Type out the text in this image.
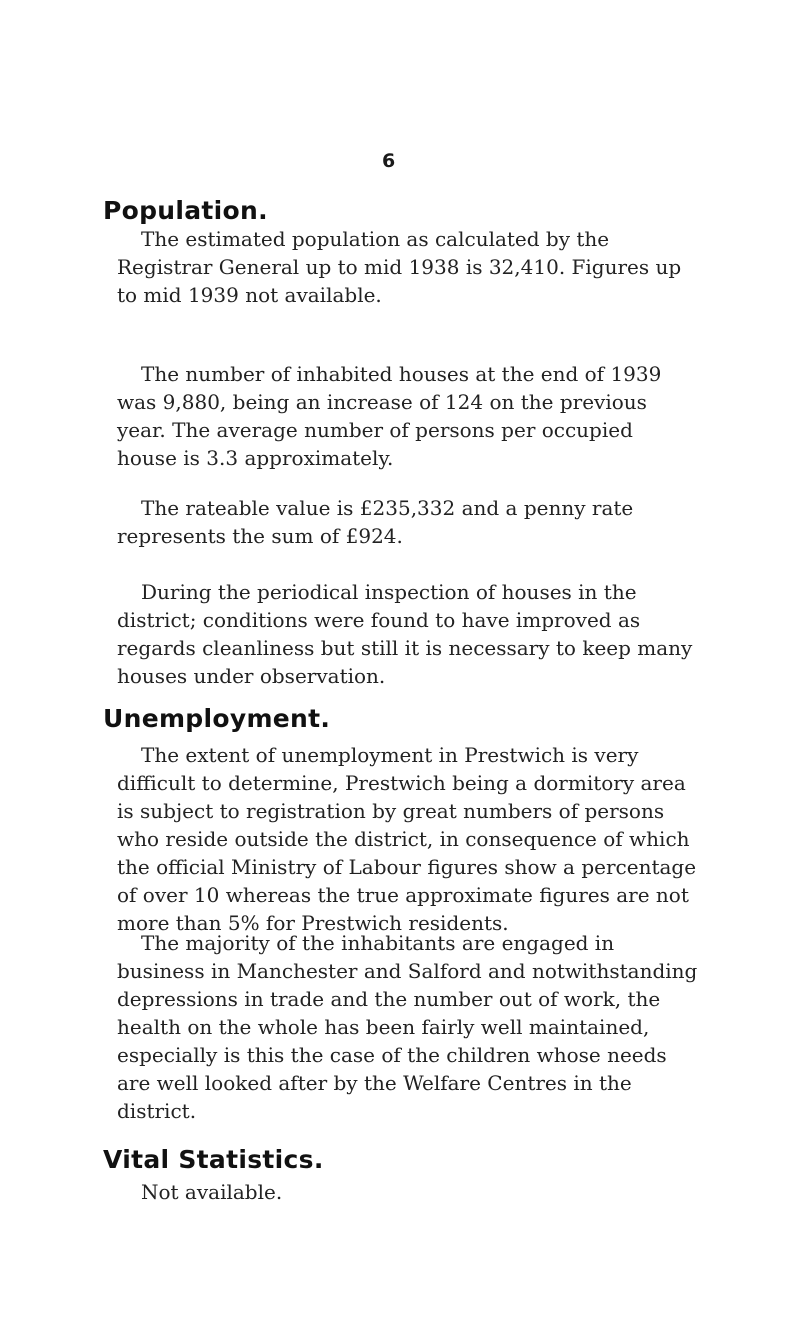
6
Population.

The estimated population as calculated by the Registrar General up to mid 1938 is 32,410. Figures up to mid 1939 not available.

The number of inhabited houses at the end of 1939 was 9,880, being an increase of 124 on the previous year. The average number of persons per occupied house is 3.3 approximately.

The rateable value is £235,332 and a penny rate represents the sum of £924.

During the periodical inspection of houses in the district; conditions were found to have improved as regards cleanliness but still it is necessary to keep many houses under observation.

Unemployment.

The extent of unemployment in Prestwich is very difficult to determine, Prestwich being a dormitory area is subject to registration by great numbers of persons who reside outside the district, in consequence of which the official Ministry of Labour figures show a percentage of over 10 whereas the true approximate figures are not more than 5% for Prestwich residents.

The majority of the inhabitants are engaged in business in Manchester and Salford and notwithstanding depressions in trade and the number out of work, the health on the whole has been fairly well maintained, especially is this the case of the children whose needs are well looked after by the Welfare Centres in the district.

Vital Statistics.

Not available.
